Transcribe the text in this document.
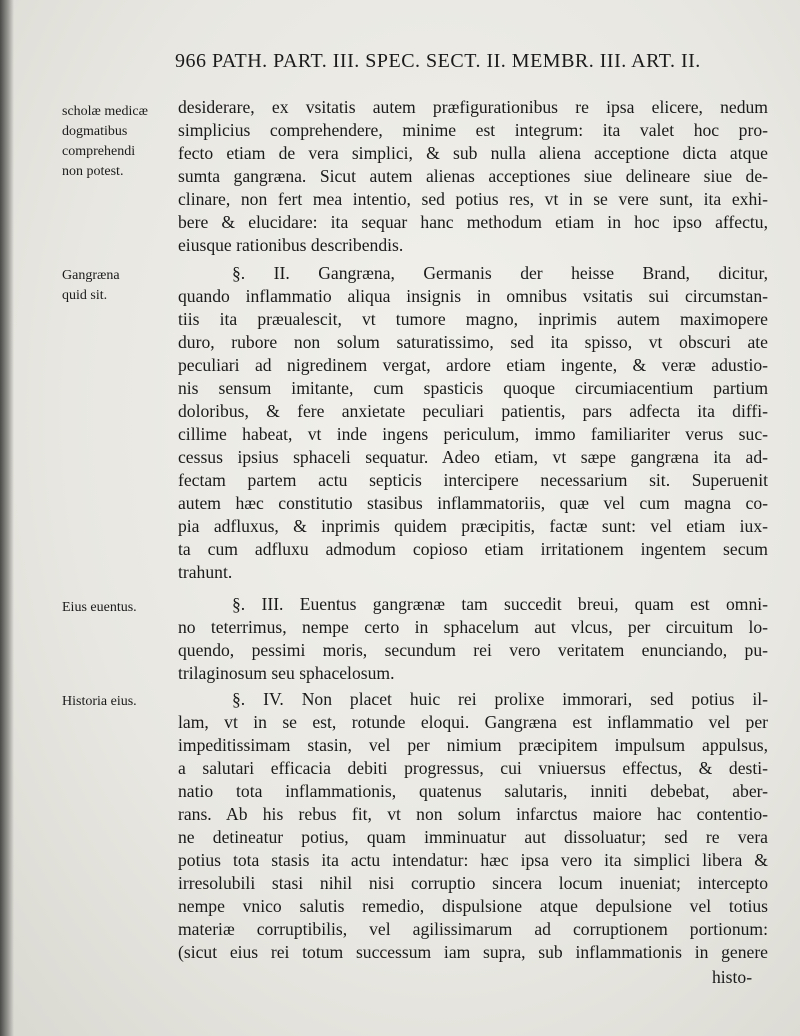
966 PATH. PART. III. SPEC. SECT. II. MEMBR. III. ART. II.
scholæ medicæ
dogmatibus
comprehendi
non potest.
Gangræna
quid sit.
Eius euentus.
Historia eius.
desiderare, ex vsitatis autem præfigurationibus re ipsa elicere, nedum
simplicius comprehendere, minime est integrum: ita valet hoc pro-
fecto etiam de vera simplici, & sub nulla aliena acceptione dicta atque
sumta gangræna. Sicut autem alienas acceptiones siue delineare siue de-
clinare, non fert mea intentio, sed potius res, vt in se vere sunt, ita exhi-
bere & elucidare: ita sequar hanc methodum etiam in hoc ipso affectu,
eiusque rationibus describendis.
§. II. Gangræna, Germanis der heisse Brand, dicitur,
quando inflammatio aliqua insignis in omnibus vsitatis sui circumstan-
tiis ita præualescit, vt tumore magno, inprimis autem maximopere
duro, rubore non solum saturatissimo, sed ita spisso, vt obscuri ate
peculiari ad nigredinem vergat, ardore etiam ingente, & veræ adustio-
nis sensum imitante, cum spasticis quoque circumiacentium partium
doloribus, & fere anxietate peculiari patientis, pars adfecta ita diffi-
cillime habeat, vt inde ingens periculum, immo familiariter verus suc-
cessus ipsius sphaceli sequatur. Adeo etiam, vt sæpe gangræna ita ad-
fectam partem actu septicis intercipere necessarium sit. Superuenit
autem hæc constitutio stasibus inflammatoriis, quæ vel cum magna co-
pia adfluxus, & inprimis quidem præcipitis, factæ sunt: vel etiam iux-
ta cum adfluxu admodum copioso etiam irritationem ingentem secum
trahunt.
§. III. Euentus gangrænæ tam succedit breui, quam est omni-
no teterrimus, nempe certo in sphacelum aut vlcus, per circuitum lo-
quendo, pessimi moris, secundum rei vero veritatem enunciando, pu-
trilaginosum seu sphacelosum.
§. IV. Non placet huic rei prolixe immorari, sed potius il-
lam, vt in se est, rotunde eloqui. Gangræna est inflammatio vel per
impeditissimam stasin, vel per nimium præcipitem impulsum appulsus,
a salutari efficacia debiti progressus, cui vniuersus effectus, & desti-
natio tota inflammationis, quatenus salutaris, inniti debebat, aber-
rans. Ab his rebus fit, vt non solum infarctus maiore hac contentio-
ne detineatur potius, quam imminuatur aut dissoluatur; sed re vera
potius tota stasis ita actu intendatur: hæc ipsa vero ita simplici libera &
irresolubili stasi nihil nisi corruptio sincera locum inueniat; intercepto
nempe vnico salutis remedio, dispulsione atque depulsione vel totius
materiæ corruptibilis, vel agilissimarum ad corruptionem portionum:
(sicut eius rei totum successum iam supra, sub inflammationis in genere
histo-
